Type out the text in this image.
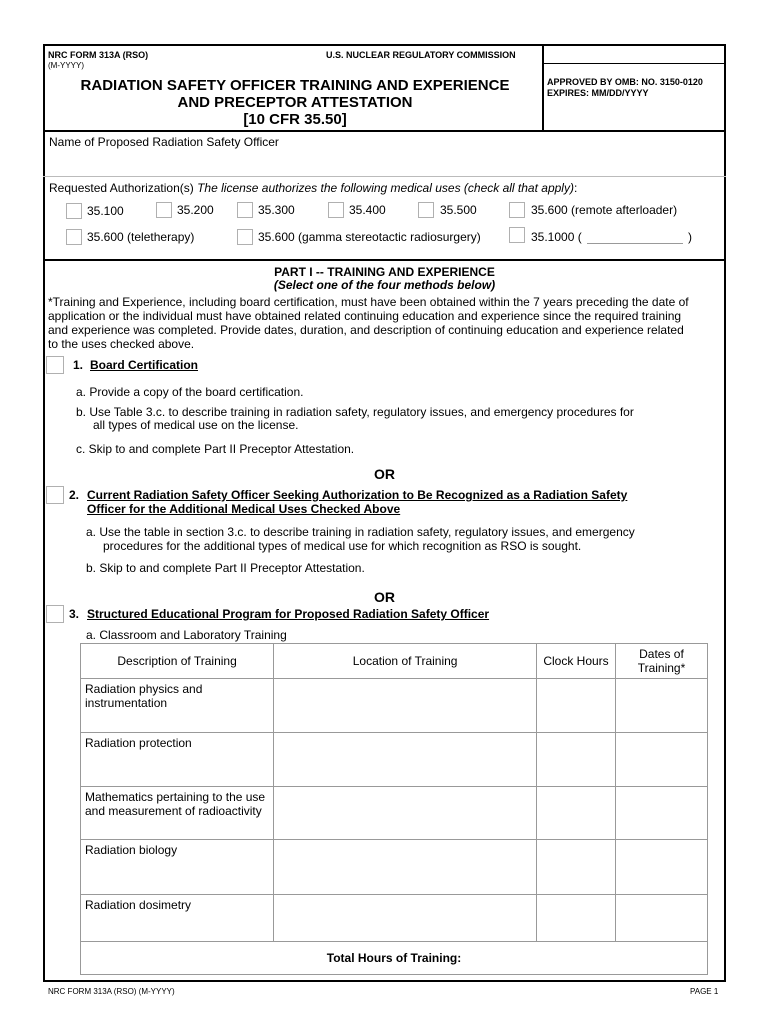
NRC FORM 313A (RSO)
(M-YYYY)
U.S. NUCLEAR REGULATORY COMMISSION
RADIATION SAFETY OFFICER TRAINING AND EXPERIENCE
AND PRECEPTOR ATTESTATION
[10 CFR 35.50]
APPROVED BY OMB: NO. 3150-0120
EXPIRES: MM/DD/YYYY
Name of Proposed Radiation Safety Officer
Requested Authorization(s) The license authorizes the following medical uses (check all that apply):
35.100	35.200	35.300	35.400	35.500	35.600 (remote afterloader)
35.600 (teletherapy)	35.600 (gamma stereotactic radiosurgery)	35.1000 (	)
PART I -- TRAINING AND EXPERIENCE
(Select one of the four methods below)
*Training and Experience, including board certification, must have been obtained within the 7 years preceding the date of
application or the individual must have obtained related continuing education and experience since the required training
and experience was completed. Provide dates, duration, and description of continuing education and experience related
to the uses checked above.
1. Board Certification
a. Provide a copy of the board certification.
b. Use Table 3.c. to describe training in radiation safety, regulatory issues, and emergency procedures for
all types of medical use on the license.
c. Skip to and complete Part II Preceptor Attestation.
OR
2. Current Radiation Safety Officer Seeking Authorization to Be Recognized as a Radiation Safety
Officer for the Additional Medical Uses Checked Above
a. Use the table in section 3.c. to describe training in radiation safety, regulatory issues, and emergency
procedures for the additional types of medical use for which recognition as RSO is sought.
b. Skip to and complete Part II Preceptor Attestation.
OR
3. Structured Educational Program for Proposed Radiation Safety Officer
a. Classroom and Laboratory Training
Description of Training	Location of Training	Clock Hours	Dates of Training*
Radiation physics and instrumentation			
Radiation protection			
Mathematics pertaining to the use and measurement of radioactivity			
Radiation biology			
Radiation dosimetry			
Total Hours of Training:			
NRC FORM 313A (RSO) (M-YYYY)	PAGE 1
